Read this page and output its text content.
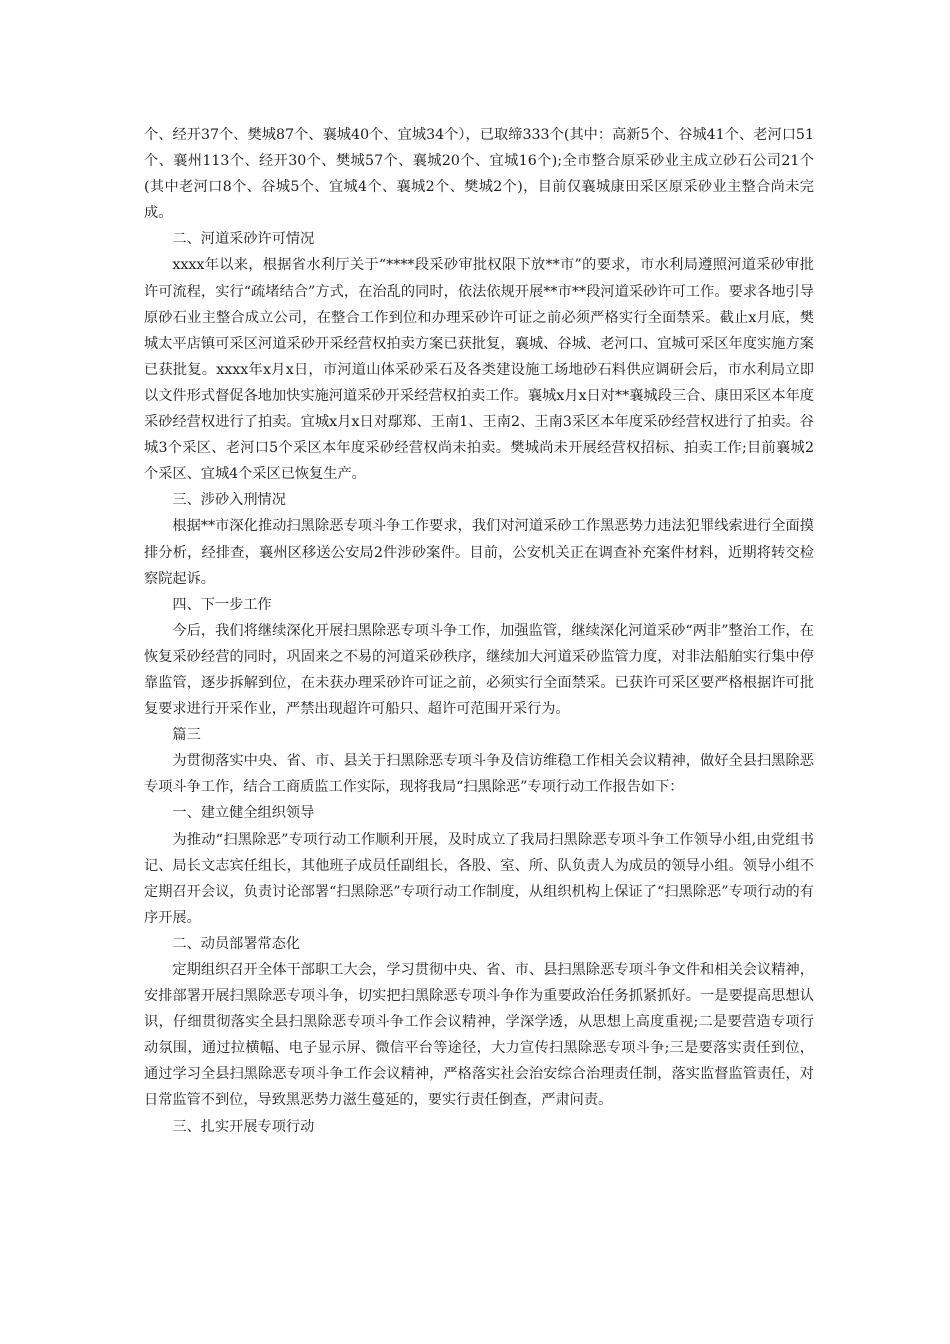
个、经开37个、樊城87个、襄城40个、宜城34个），已取缔333个(其中：高新5个、谷城41个、老河口51个、襄州113个、经开30个、樊城57个、襄城20个、宜城16个);全市整合原采砂业主成立砂石公司21个(其中老河口8个、谷城5个、宜城4个、襄城2个、樊城2个)，目前仅襄城康田采区原采砂业主整合尚未完成。

二、河道采砂许可情况

xxxx年以来，根据省水利厅关于“****段采砂审批权限下放**市”的要求，市水利局遵照河道采砂审批许可流程，实行“疏堵结合”方式，在治乱的同时，依法依规开展**市**段河道采砂许可工作。要求各地引导原砂石业主整合成立公司，在整合工作到位和办理采砂许可证之前必须严格实行全面禁采。截止x月底，樊城太平店镇可采区河道采砂开采经营权拍卖方案已获批复，襄城、谷城、老河口、宜城可采区年度实施方案已获批复。xxxx年x月x日，市河道山体采砂采石及各类建设施工场地砂石料供应调研会后，市水利局立即以文件形式督促各地加快实施河道采砂开采经营权拍卖工作。襄城x月x日对**襄城段三合、康田采区本年度采砂经营权进行了拍卖。宜城x月x日对鄢郑、王南1、王南2、王南3采区本年度采砂经营权进行了拍卖。谷城3个采区、老河口5个采区本年度采砂经营权尚未拍卖。樊城尚未开展经营权招标、拍卖工作;目前襄城2个采区、宜城4个采区已恢复生产。

三、涉砂入刑情况

根据**市深化推动扫黑除恶专项斗争工作要求，我们对河道采砂工作黑恶势力违法犯罪线索进行全面摸排分析，经排查，襄州区移送公安局2件涉砂案件。目前，公安机关正在调查补充案件材料，近期将转交检察院起诉。

四、下一步工作

今后，我们将继续深化开展扫黑除恶专项斗争工作，加强监管，继续深化河道采砂“两非”整治工作，在恢复采砂经营的同时，巩固来之不易的河道采砂秩序，继续加大河道采砂监管力度，对非法船舶实行集中停靠监管，逐步拆解到位，在未获办理采砂许可证之前，必须实行全面禁采。已获许可采区要严格根据许可批复要求进行开采作业，严禁出现超许可船只、超许可范围开采行为。

篇三

为贯彻落实中央、省、市、县关于扫黑除恶专项斗争及信访维稳工作相关会议精神，做好全县扫黑除恶专项斗争工作，结合工商质监工作实际，现将我局“扫黑除恶”专项行动工作报告如下：

一、建立健全组织领导

为推动“扫黑除恶”专项行动工作顺利开展，及时成立了我局扫黑除恶专项斗争工作领导小组,由党组书记、局长文志宾任组长，其他班子成员任副组长，各股、室、所、队负责人为成员的领导小组。领导小组不定期召开会议，负责讨论部署“扫黑除恶”专项行动工作制度，从组织机构上保证了“扫黑除恶”专项行动的有序开展。

二、动员部署常态化

定期组织召开全体干部职工大会，学习贯彻中央、省、市、县扫黑除恶专项斗争文件和相关会议精神，安排部署开展扫黑除恶专项斗争，切实把扫黑除恶专项斗争作为重要政治任务抓紧抓好。一是要提高思想认识，仔细贯彻落实全县扫黑除恶专项斗争工作会议精神，学深学透，从思想上高度重视;二是要营造专项行动氛围，通过拉横幅、电子显示屏、微信平台等途径，大力宣传扫黑除恶专项斗争;三是要落实责任到位，通过学习全县扫黑除恶专项斗争工作会议精神，严格落实社会治安综合治理责任制，落实监督监管责任，对日常监管不到位，导致黑恶势力滋生蔓延的，要实行责任倒查，严肃问责。

三、扎实开展专项行动
